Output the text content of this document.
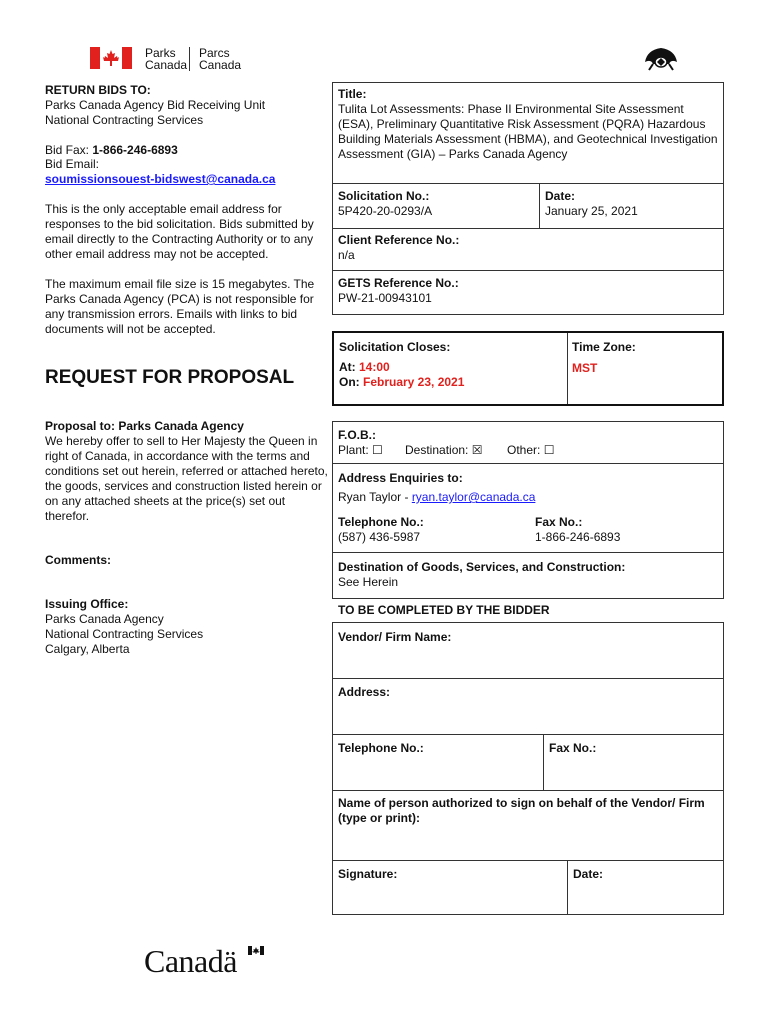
Parks
Canada
Parcs
Canada
RETURN BIDS TO:
Parks Canada Agency Bid Receiving Unit
National Contracting Services
Bid Fax: 1-866-246-6893
Bid Email:
soumissionsouest-bidswest@canada.ca
This is the only acceptable email address for responses to the bid solicitation. Bids submitted by email directly to the Contracting Authority or to any other email address may not be accepted.
The maximum email file size is 15 megabytes. The Parks Canada Agency (PCA) is not responsible for any transmission errors. Emails with links to bid documents will not be accepted.
REQUEST FOR PROPOSAL
Proposal to: Parks Canada Agency
We hereby offer to sell to Her Majesty the Queen in right of Canada, in accordance with the terms and conditions set out herein, referred or attached hereto, the goods, services and construction listed herein or on any attached sheets at the price(s) set out therefor.
Comments:
Issuing Office:
Parks Canada Agency
National Contracting Services
Calgary, Alberta
Title:
Tulita Lot Assessments: Phase II Environmental Site Assessment (ESA), Preliminary Quantitative Risk Assessment (PQRA) Hazardous Building Materials Assessment (HBMA), and Geotechnical Investigation Assessment (GIA) – Parks Canada Agency
Solicitation No.:
5P420-20-0293/A
Date:
January 25, 2021
Client Reference No.:
n/a
GETS Reference No.:
PW-21-00943101
Solicitation Closes:
At: 14:00
On: February 23, 2021
Time Zone:
MST
F.O.B.:
Plant: ☐ Destination: ☒ Other: ☐
Address Enquiries to:
Ryan Taylor - ryan.taylor@canada.ca
Telephone No.:
(587) 436-5987
Fax No.:
1-866-246-6893
Destination of Goods, Services, and Construction:
See Herein
TO BE COMPLETED BY THE BIDDER
Vendor/ Firm Name:
Address:
Telephone No.:	Fax No.:
Name of person authorized to sign on behalf of the Vendor/ Firm (type or print):
Signature:	Date:
Canadä
